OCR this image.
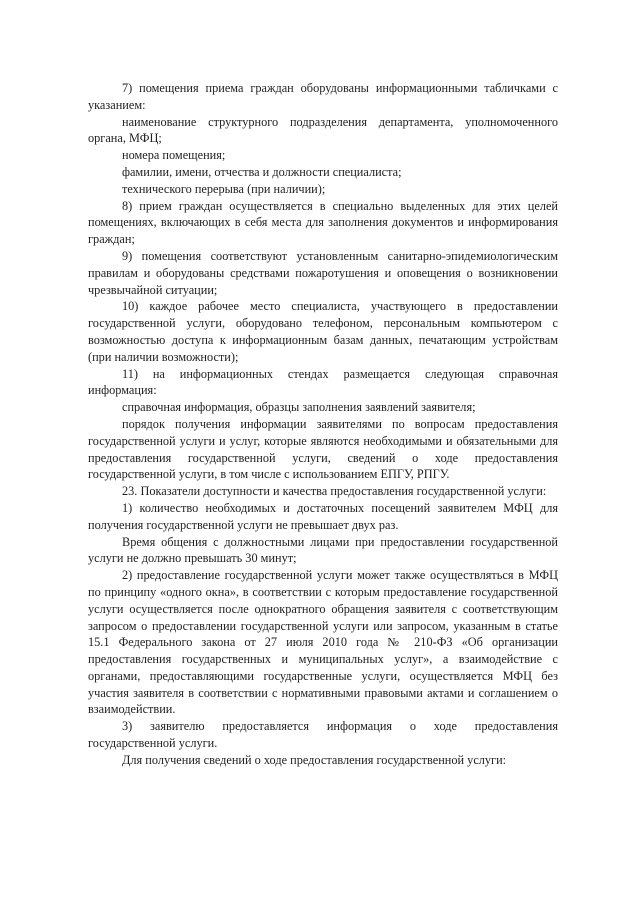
7) помещения приема граждан оборудованы информационными табличками с указанием:

наименование структурного подразделения департамента, уполномоченного органа, МФЦ;

номера помещения;

фамилии, имени, отчества и должности специалиста;

технического перерыва (при наличии);

8) прием граждан осуществляется в специально выделенных для этих целей помещениях, включающих в себя места для заполнения документов и информирования граждан;

9) помещения соответствуют установленным санитарно-эпидемиологическим правилам и оборудованы средствами пожаротушения и оповещения о возникновении чрезвычайной ситуации;

10) каждое рабочее место специалиста, участвующего в предоставлении государственной услуги, оборудовано телефоном, персональным компьютером с возможностью доступа к информационным базам данных, печатающим устройствам (при наличии возможности);

11) на информационных стендах размещается следующая справочная информация:

справочная информация, образцы заполнения заявлений заявителя;

порядок получения информации заявителями по вопросам предоставления государственной услуги и услуг, которые являются необходимыми и обязательными для предоставления государственной услуги, сведений о ходе предоставления государственной услуги, в том числе с использованием ЕПГУ, РПГУ.

23. Показатели доступности и качества предоставления государственной услуги:

1) количество необходимых и достаточных посещений заявителем МФЦ для получения государственной услуги не превышает двух раз.

Время общения с должностными лицами при предоставлении государственной услуги не должно превышать 30 минут;

2) предоставление государственной услуги может также осуществляться в МФЦ по принципу «одного окна», в соответствии с которым предоставление государственной услуги осуществляется после однократного обращения заявителя с соответствующим запросом о предоставлении государственной услуги или запросом, указанным в статье 15.1 Федерального закона от 27 июля 2010 года № 210-ФЗ «Об организации предоставления государственных и муниципальных услуг», а взаимодействие с органами, предоставляющими государственные услуги, осуществляется МФЦ без участия заявителя в соответствии с нормативными правовыми актами и соглашением о взаимодействии.

3) заявителю предоставляется информация о ходе предоставления государственной услуги.

Для получения сведений о ходе предоставления государственной услуги:
